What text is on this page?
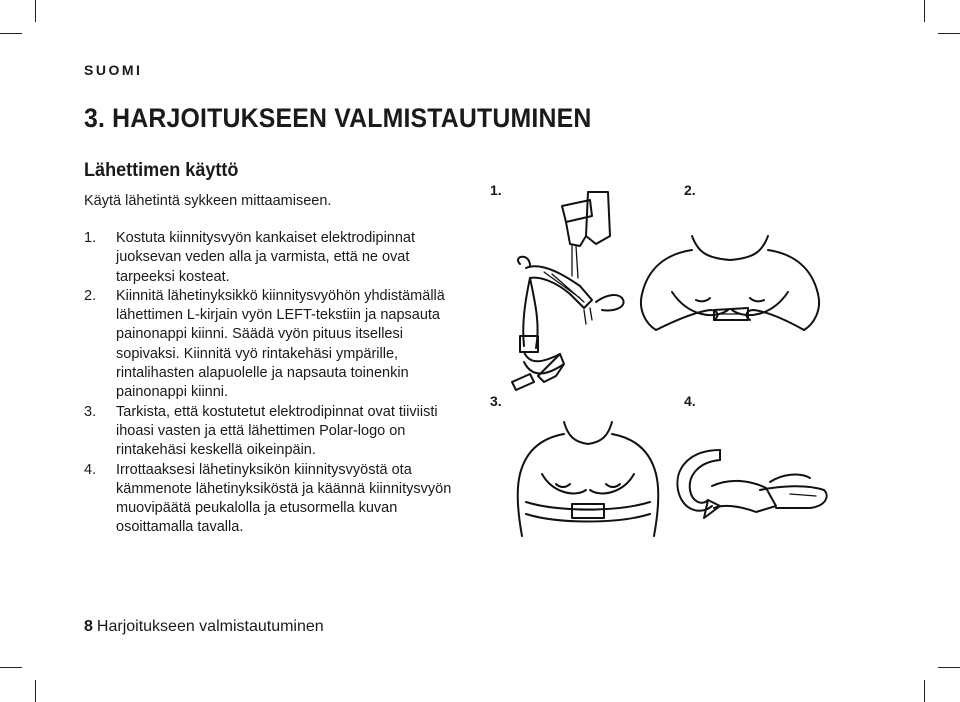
SUOMI
3. HARJOITUKSEEN VALMISTAUTUMINEN
Lähettimen käyttö

Käytä lähetintä sykkeen mittaamiseen.

1. Kostuta kiinnitysvyön kankaiset elektrodipinnat juoksevan veden alla ja varmista, että ne ovat tarpeeksi kosteat.
2. Kiinnitä lähetinyksikkö kiinnitysvyöhön yhdistämällä lähettimen L-kirjain vyön LEFT-tekstiin ja napsauta painonappi kiinni. Säädä vyön pituus itsellesi sopivaksi. Kiinnitä vyö rintakehäsi ympärille, rintalihasten alapuolelle ja napsauta toinenkin painonappi kiinni.
3. Tarkista, että kostutetut elektrodipinnat ovat tiiviisti ihoasi vasten ja että lähettimen Polar-logo on rintakehäsi keskellä oikeinpäin.
4. Irrottaaksesi lähetinyksikön kiinnitysvyöstä ota kämmenote lähetinyksiköstä ja käännä kiinnitysvyön muovipäätä peukalolla ja etusormella kuvan osoittamalla tavalla.
1.	2.
3.	4.
8 Harjoitukseen valmistautuminen
